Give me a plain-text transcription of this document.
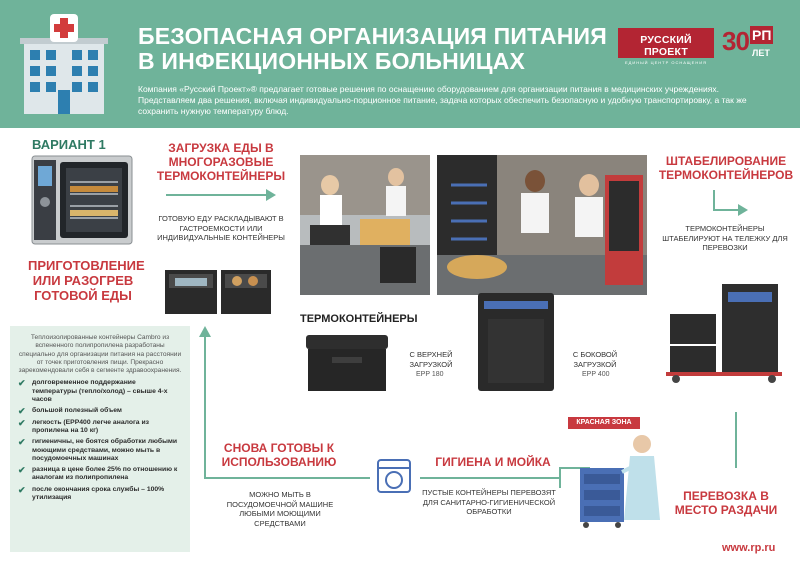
БЕЗОПАСНАЯ ОРГАНИЗАЦИЯ ПИТАНИЯ
В ИНФЕКЦИОННЫХ БОЛЬНИЦАХ
Компания «Русский Проект»® предлагает готовые решения по оснащению оборудованием для организации питания в медицинских учреждениях. Представляем два решения, включая индивидуально-порционное питание, задача которых обеспечить безопасную и удобную транспортировку, а так же сохранить нужную температуру блюд.
РУССКИЙ ПРОЕКТ
ЕДИНЫЙ ЦЕНТР ОСНАЩЕНИЯ
30 РП
ЛЕТ
ВАРИАНТ 1
ПРИГОТОВЛЕНИЕ ИЛИ РАЗОГРЕВ ГОТОВОЙ ЕДЫ
ЗАГРУЗКА ЕДЫ В МНОГОРАЗОВЫЕ ТЕРМОКОНТЕЙНЕРЫ
ГОТОВУЮ ЕДУ РАСКЛАДЫВАЮТ В ГАСТРОЕМКОСТИ ИЛИ ИНДИВИДУАЛЬНЫЕ КОНТЕЙНЕРЫ
ШТАБЕЛИРОВАНИЕ ТЕРМОКОНТЕЙНЕРОВ
ТЕРМОКОНТЕЙНЕРЫ ШТАБЕЛИРУЮТ НА ТЕЛЕЖКУ ДЛЯ ПЕРЕВОЗКИ
ТЕРМОКОНТЕЙНЕРЫ
С ВЕРХНЕЙ ЗАГРУЗКОЙ
EPP 180
С БОКОВОЙ ЗАГРУЗКОЙ
EPP 400
Теплоизолированные контейнеры Cambro из вспененного полипропилена разработаны специально для организации питания на расстоянии от точек приготовления пищи. Прекрасно зарекомендовали себя в сегменте здравоохранения.
✔ долговременное поддержание температуры (тепло/холод) – свыше 4-х часов
✔ большой полезный объем
✔ легкость (EPP400 легче аналога из пропилена на 10 кг)
✔ гигиеничны, не боятся обработки любыми моющими средствами, можно мыть в посудомоечных машинах
✔ разница в цене более 25% по отношению к аналогам из полипропилена
✔ после окончания срока службы – 100% утилизация
СНОВА ГОТОВЫ К ИСПОЛЬЗОВАНИЮ
МОЖНО МЫТЬ В ПОСУДОМОЕЧНОЙ МАШИНЕ ЛЮБЫМИ МОЮЩИМИ СРЕДСТВАМИ
ГИГИЕНА И МОЙКА
ПУСТЫЕ КОНТЕЙНЕРЫ ПЕРЕВОЗЯТ ДЛЯ САНИТАРНО-ГИГИЕНИЧЕСКОЙ ОБРАБОТКИ
КРАСНАЯ ЗОНА
ПЕРЕВОЗКА В МЕСТО РАЗДАЧИ
www.rp.ru
